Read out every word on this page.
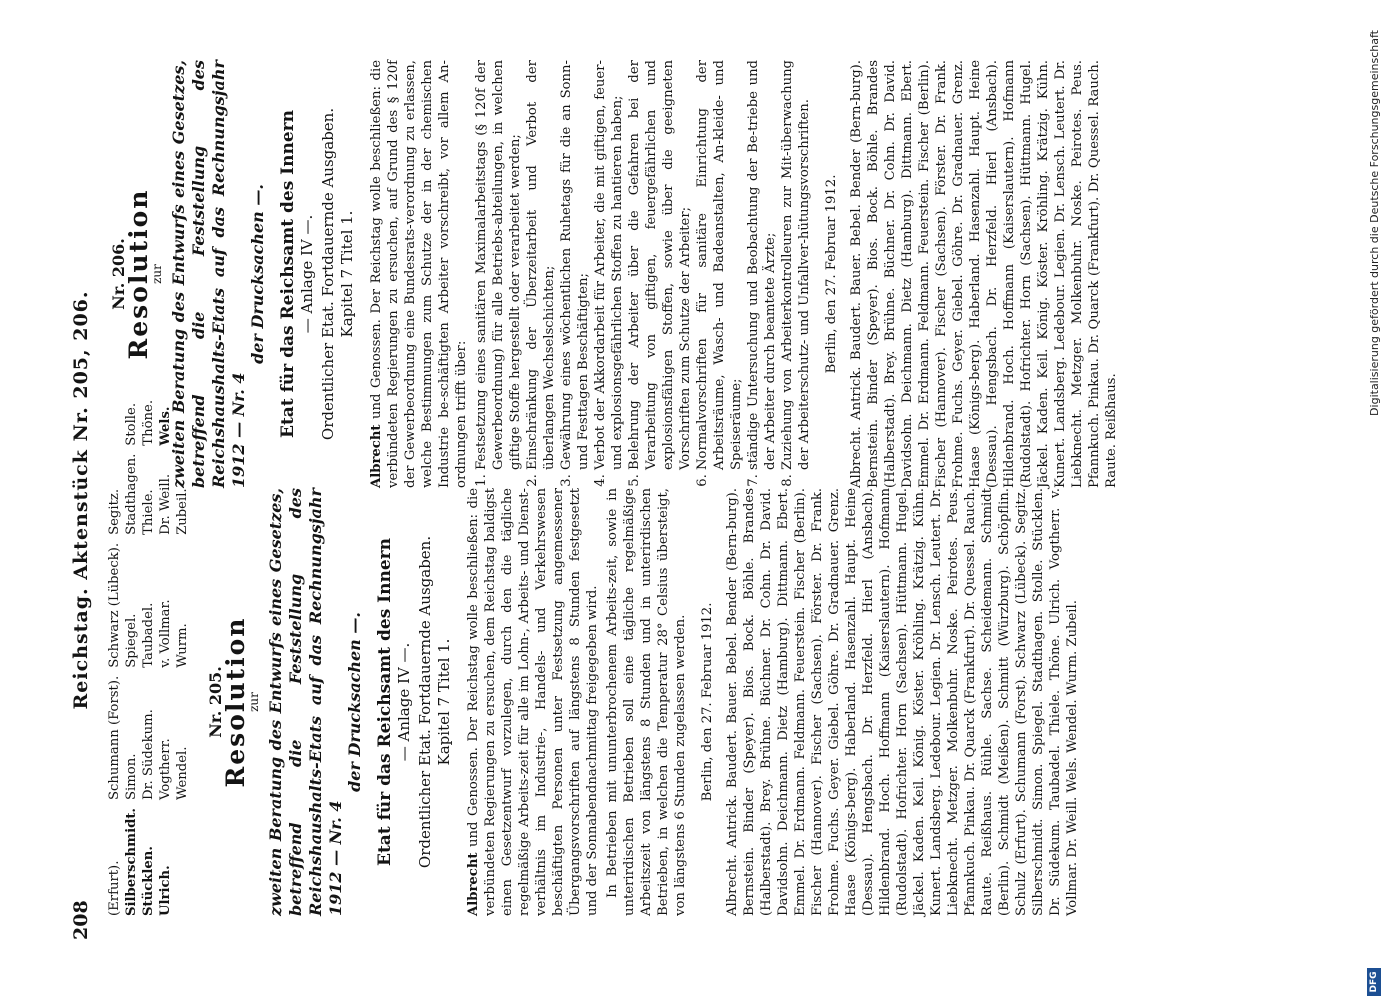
208
Reichstag. Aktenstück Nr. 205, 206.
(Erfurt).
Schumann (Forst).
Schwarz (Lübeck).
Segitz.
Silberschmidt.
Simon.
Spiegel.
Stadthagen.
Stolle.
Stücklen.
Dr. Südekum.
Taubadel.
Thiele.
Thöne.
Ulrich.
Vogtherr.
v. Vollmar.
Dr. Weill.
Wels.
Wendel.
Wurm.
Zubeil.
Nr. 205.
Resolution
zur zweiten Beratung des Entwurfs eines Gesetzes, betreffend die Feststellung des Reichshaushalts-Etats auf das Rechnungsjahr 1912 — Nr. 4
der Drucksachen —. Etat für das Reichsamt des Innern — Anlage IV —. Ordentlicher Etat. Fortdauernde Ausgaben. Kapitel 7 Titel 1.
Albrecht und Genossen. Der Reichstag wolle beschließen: die verbündeten Regierungen zu ersuchen, dem Reichstag baldigst einen Gesetzentwurf vorzulegen, durch den die tägliche regelmäßige Arbeits-zeit für alle im Lohn-, Arbeits- und Dienst-verhältnis im Industrie-, Handels- und Verkehrswesen beschäftigten Personen unter Festsetzung angemessener Übergangsvorschriften auf längstens 8 Stunden festgesetzt und der Sonnabendnachmittag freigegeben wird. In Betrieben mit ununterbrochenem Arbeits-zeit, sowie in unterirdischen Betrieben soll eine tägliche regelmäßige Arbeitszeit von längstens 8 Stunden und in unterirdischen Betrieben, in welchen die Temperatur 28° Celsius übersteigt, von längstens 6 Stunden zugelassen werden. Berlin, den 27. Februar 1912. Albrecht. Antrick. Baudert. Bauer. Bebel. Bender (Bern-burg). Bernstein. Binder (Speyer). Bios. Bock. Böhle. Brandes (Halberstadt). Brey. Brühne. Büchner. Dr. Cohn. Dr. David. Davidsohn. Deichmann. Dietz (Hamburg). Dittmann. Ebert. Emmel. Dr. Erdmann. Feldmann. Feuerstein. Fischer (Berlin). Fischer (Hannover). Fischer (Sachsen). Förster. Dr. Frank. Frohme. Fuchs. Geyer. Giebel. Göhre. Dr. Gradnauer. Grenz. Haase (Königs-berg). Haberland. Hasenzahl. Haupt. Heine (Dessau). Hengsbach. Dr. Herzfeld. Hierl (Ansbach). Hildenbrand. Hoch. Hoffmann (Kaiserslautern). Hofmann (Rudolstadt). Hofrichter. Horn (Sachsen). Hüttmann. Hugel. Jäckel. Kaden. Keil. König. Köster. Kröhling. Krätzig. Kühn. Kunert. Landsberg. Ledebour. Legien. Dr. Lensch. Leutert. Dr. Liebknecht. Metzger. Molkenbuhr. Noske. Peirotes. Peus. Pfannkuch. Pinkau. Dr. Quarck (Frankfurt). Dr. Quessel. Rauch. Raute. Reißhaus. Rühle. Sachse. Scheidemann. Schmidt (Berlin). Schmidt (Meißen). Schmitt (Würzburg). Schöpflin. Schulz (Erfurt). Schumann (Forst). Schwarz (Lübeck). Segitz. Silberschmidt. Simon. Spiegel. Stadthagen. Stolle. Stücklen. Dr. Südekum. Taubadel. Thiele. Thöne. Ulrich. Vogtherr. v. Vollmar. Dr. Weill. Wels. Wendel. Wurm. Zubeil.
Nr. 206.
Resolution
zur zweiten Beratung des Entwurfs eines Gesetzes, betreffend die Feststellung des Reichshaushalts-Etats auf das Rechnungsjahr 1912 — Nr. 4
der Drucksachen —. Etat für das Reichsamt des Innern — Anlage IV —. Ordentlicher Etat. Fortdauernde Ausgaben. Kapitel 7 Titel 1.
Albrecht und Genossen. Der Reichstag wolle beschließen: die verbündeten Regierungen zu ersuchen, auf Grund des § 120f der Gewerbeordnung eine Bundesrats-verordnung zu erlassen, welche Bestimmungen zum Schutze der in der chemischen Industrie be-schäftigten Arbeiter vorschreibt, vor allem An-ordnungen trifft über: 1. Festsetzung eines sanitären Maximalarbeitstags (§ 120f der Gewerbeordnung) für alle Betriebs-abteilungen, in welchen giftige Stoffe hergestellt oder verarbeitet werden; 2. Einschränkung der Überzeitarbeit und Verbot der überlangen Wechselschichten; 3. Gewährung eines wöchentlichen Ruhetags für die an Sonn- und Festtagen Beschäftigten; 4. Verbot der Akkordarbeit für Arbeiter, die mit giftigen, feuer- und explosionsgefährlichen Stoffen zu hantieren haben; 5. Belehrung der Arbeiter über die Gefahren bei der Verarbeitung von giftigen, feuergefährlichen und explosionsfähigen Stoffen, sowie über die geeigneten Vorschriften zum Schutze der Arbeiter; 6. Normalvorschriften für sanitäre Einrichtung der Arbeitsräume, Wasch- und Badeanstalten, An-kleide- und Speiseräume; 7. ständige Untersuchung und Beobachtung der Be-triebe und der Arbeiter durch beamtete Ärzte; 8. Zuziehung von Arbeiterkontrolleuren zur Mit-überwachung der Arbeiterschutz- und Unfallver-hütungsvorschriften. Berlin, den 27. Februar 1912. Albrecht. Antrick. Baudert. Bauer. Bebel. Bender (Bern-burg). Bernstein. Binder (Speyer). Bios. Bock. Böhle. Brandes (Halberstadt). Brey. Brühne. Büchner. Dr. Cohn. Dr. David. Davidsohn. Deichmann. Dietz (Hamburg). Dittmann. Ebert. Emmel. Dr. Erdmann. Feldmann. Feuerstein. Fischer (Berlin). Fischer (Hannover). Fischer (Sachsen). Förster. Dr. Frank. Frohme. Fuchs. Geyer. Giebel. Göhre. Dr. Gradnauer. Grenz. Haase (Königs-berg). Haberland. Hasenzahl. Haupt. Heine (Dessau). Hengsbach. Dr. Herzfeld. Hierl (Ansbach). Hildenbrand. Hoch. Hoffmann (Kaiserslautern). Hofmann (Rudolstadt). Hofrichter. Horn (Sachsen). Hüttmann. Hugel. Jäckel. Kaden. Keil. König. Köster. Kröhling. Krätzig. Kühn. Kunert. Landsberg. Ledebour. Legien. Dr. Lensch. Leutert. Dr. Liebknecht. Metzger. Molkenbuhr. Noske. Peirotes. Peus. Pfannkuch. Pinkau. Dr. Quarck (Frankfurt). Dr. Quessel. Rauch. Raute. Reißhaus.
DFG
Digitalisierung gefördert durch die Deutsche Forschungsgemeinschaft
